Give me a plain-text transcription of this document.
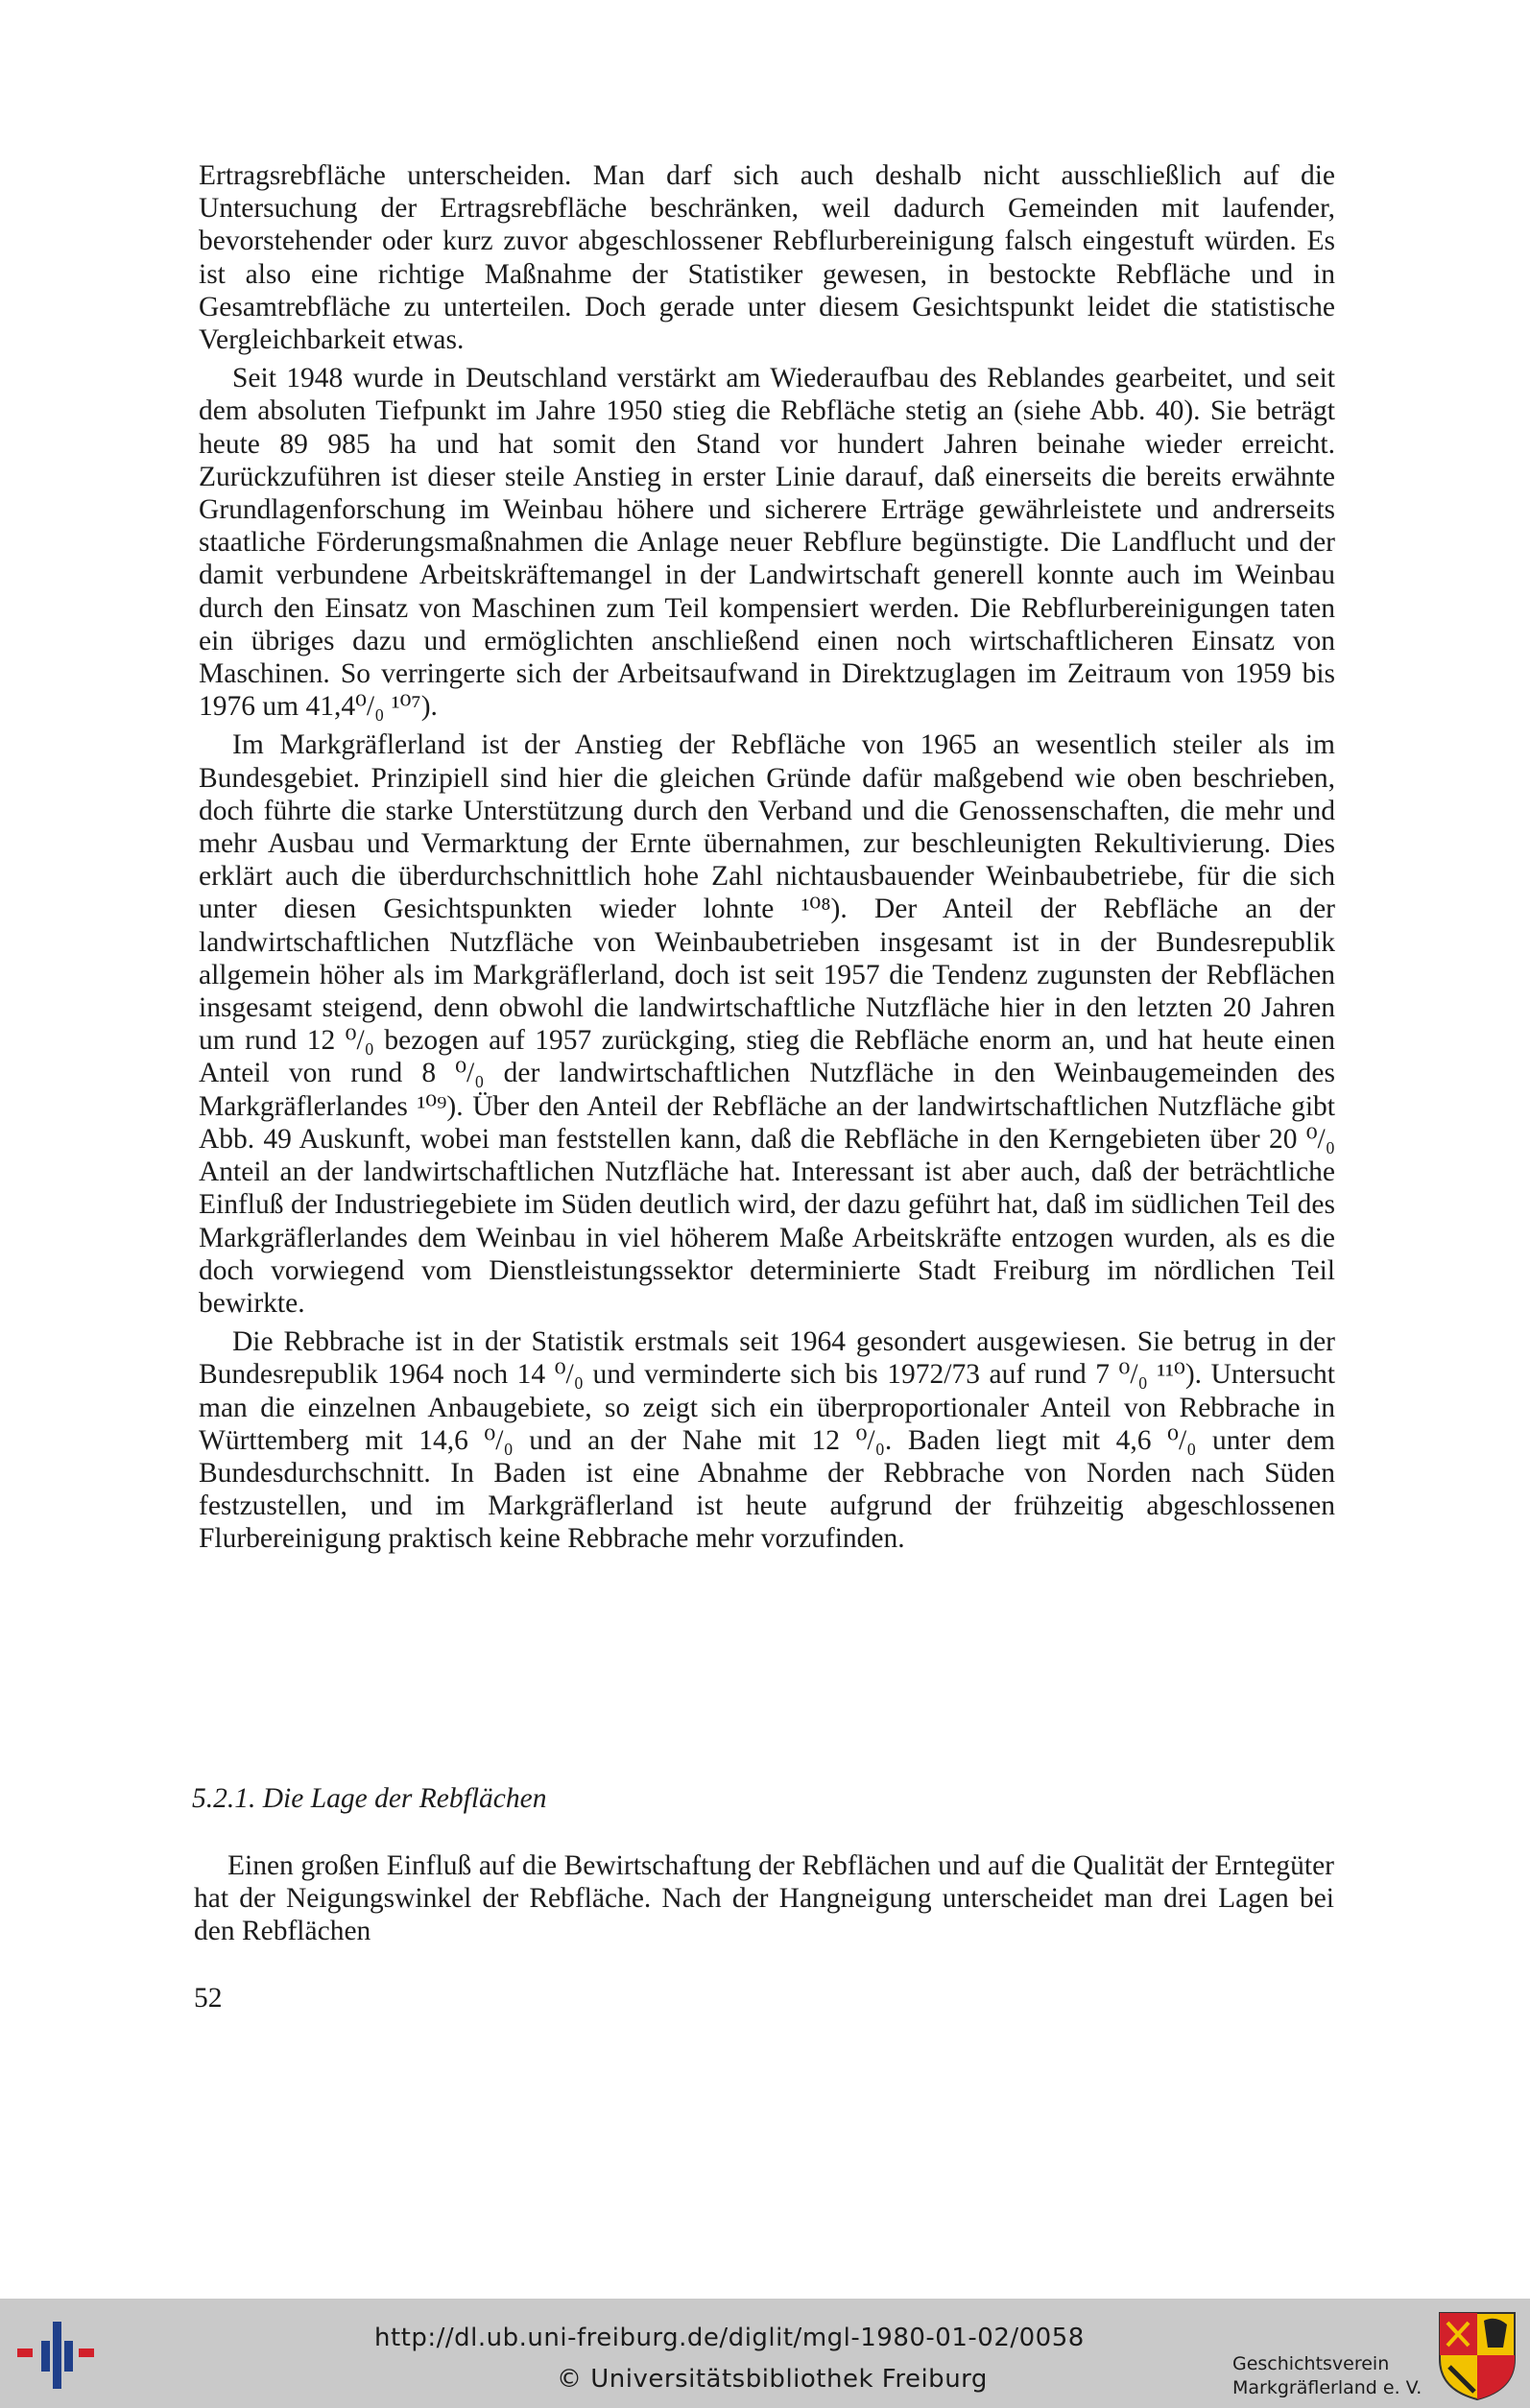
Ertragsrebfläche unterscheiden. Man darf sich auch deshalb nicht ausschließlich auf die Untersuchung der Ertragsrebfläche beschränken, weil dadurch Gemeinden mit laufender, bevorstehender oder kurz zuvor abgeschlossener Rebflurbereinigung falsch eingestuft würden. Es ist also eine richtige Maßnahme der Statistiker gewesen, in bestockte Rebfläche und in Gesamtrebfläche zu unterteilen. Doch gerade unter diesem Gesichtspunkt leidet die statistische Vergleichbarkeit etwas.

Seit 1948 wurde in Deutschland verstärkt am Wiederaufbau des Reblandes gearbeitet, und seit dem absoluten Tiefpunkt im Jahre 1950 stieg die Rebfläche stetig an (siehe Abb. 40). Sie beträgt heute 89 985 ha und hat somit den Stand vor hundert Jahren beinahe wieder erreicht. Zurückzuführen ist dieser steile Anstieg in erster Linie darauf, daß einerseits die bereits erwähnte Grundlagenforschung im Weinbau höhere und sicherere Erträge gewährleistete und andrerseits staatliche Förderungsmaßnahmen die Anlage neuer Rebflure begünstigte. Die Landflucht und der damit verbundene Arbeitskräftemangel in der Landwirtschaft generell konnte auch im Weinbau durch den Einsatz von Maschinen zum Teil kompensiert werden. Die Rebflurbereinigungen taten ein übriges dazu und ermöglichten anschließend einen noch wirtschaftlicheren Einsatz von Maschinen. So verringerte sich der Arbeitsaufwand in Direktzuglagen im Zeitraum von 1959 bis 1976 um 41,4⁰/₀ ¹⁰⁷).

Im Markgräflerland ist der Anstieg der Rebfläche von 1965 an wesentlich steiler als im Bundesgebiet. Prinzipiell sind hier die gleichen Gründe dafür maßgebend wie oben beschrieben, doch führte die starke Unterstützung durch den Verband und die Genossenschaften, die mehr und mehr Ausbau und Vermarktung der Ernte übernahmen, zur beschleunigten Rekultivierung. Dies erklärt auch die überdurchschnittlich hohe Zahl nichtausbauender Weinbaubetriebe, für die sich unter diesen Gesichtspunkten wieder lohnte ¹⁰⁸). Der Anteil der Rebfläche an der landwirtschaftlichen Nutzfläche von Weinbaubetrieben insgesamt ist in der Bundesrepublik allgemein höher als im Markgräflerland, doch ist seit 1957 die Tendenz zugunsten der Rebflächen insgesamt steigend, denn obwohl die landwirtschaftliche Nutzfläche hier in den letzten 20 Jahren um rund 12 ⁰/₀ bezogen auf 1957 zurückging, stieg die Rebfläche enorm an, und hat heute einen Anteil von rund 8 ⁰/₀ der landwirtschaftlichen Nutzfläche in den Weinbaugemeinden des Markgräflerlandes ¹⁰⁹). Über den Anteil der Rebfläche an der landwirtschaftlichen Nutzfläche gibt Abb. 49 Auskunft, wobei man feststellen kann, daß die Rebfläche in den Kerngebieten über 20 ⁰/₀ Anteil an der landwirtschaftlichen Nutzfläche hat. Interessant ist aber auch, daß der beträchtliche Einfluß der Industriegebiete im Süden deutlich wird, der dazu geführt hat, daß im südlichen Teil des Markgräflerlandes dem Weinbau in viel höherem Maße Arbeitskräfte entzogen wurden, als es die doch vorwiegend vom Dienstleistungssektor determinierte Stadt Freiburg im nördlichen Teil bewirkte.

Die Rebbrache ist in der Statistik erstmals seit 1964 gesondert ausgewiesen. Sie betrug in der Bundesrepublik 1964 noch 14 ⁰/₀ und verminderte sich bis 1972/73 auf rund 7 ⁰/₀ ¹¹⁰). Untersucht man die einzelnen Anbaugebiete, so zeigt sich ein überproportionaler Anteil von Rebbrache in Württemberg mit 14,6 ⁰/₀ und an der Nahe mit 12 ⁰/₀. Baden liegt mit 4,6 ⁰/₀ unter dem Bundesdurchschnitt. In Baden ist eine Abnahme der Rebbrache von Norden nach Süden festzustellen, und im Markgräflerland ist heute aufgrund der frühzeitig abgeschlossenen Flurbereinigung praktisch keine Rebbrache mehr vorzufinden.

5.2.1. Die Lage der Rebflächen

Einen großen Einfluß auf die Bewirtschaftung der Rebflächen und auf die Qualität der Erntegüter hat der Neigungswinkel der Rebfläche. Nach der Hangneigung unterscheidet man drei Lagen bei den Rebflächen

52
http://dl.ub.uni-freiburg.de/diglit/mgl-1980-01-02/0058
© Universitätsbibliothek Freiburg
Geschichtsverein
Markgräflerland e. V.
